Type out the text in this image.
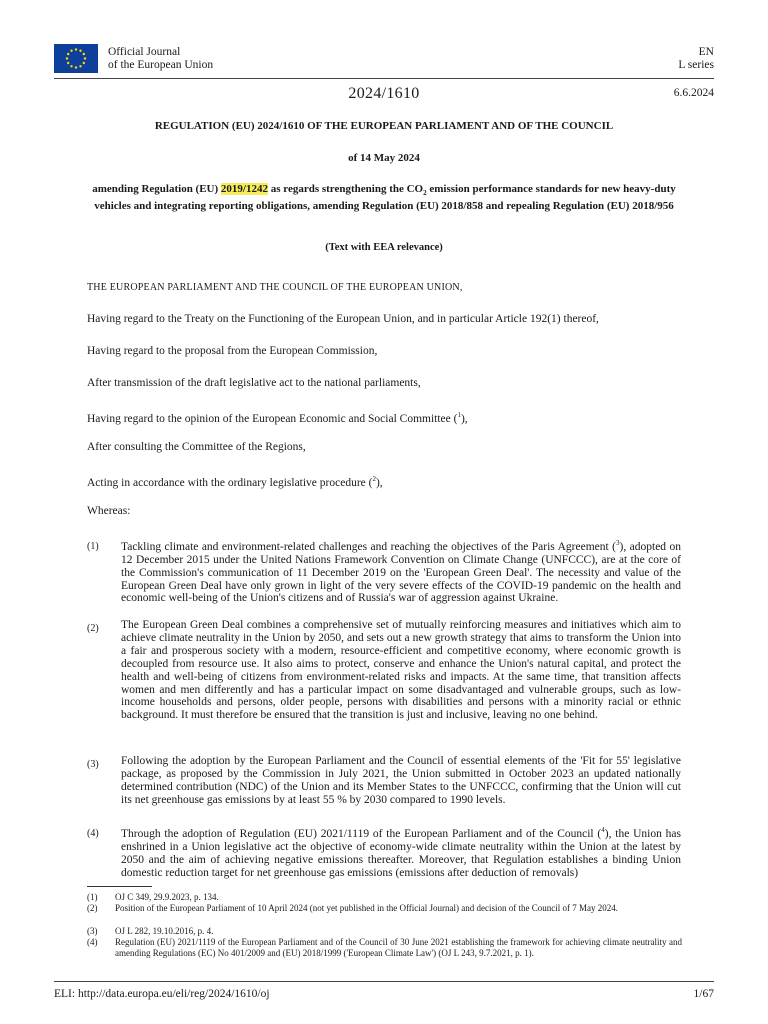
Official Journal
of the European Union
EN
L series
2024/1610	6.6.2024
REGULATION (EU) 2024/1610 OF THE EUROPEAN PARLIAMENT AND OF THE COUNCIL
of 14 May 2024
amending Regulation (EU) 2019/1242 as regards strengthening the $CO_2$ emission performance standards for new heavy-duty vehicles and integrating reporting obligations, amending Regulation (EU) 2018/858 and repealing Regulation (EU) 2018/956
(Text with EEA relevance)
THE EUROPEAN PARLIAMENT AND THE COUNCIL OF THE EUROPEAN UNION,
Having regard to the Treaty on the Functioning of the European Union, and in particular Article 192(1) thereof,
Having regard to the proposal from the European Commission,
After transmission of the draft legislative act to the national parliaments,
Having regard to the opinion of the European Economic and Social Committee ($^1$),
After consulting the Committee of the Regions,
Acting in accordance with the ordinary legislative procedure ($^2$),
Whereas:
(1) Tackling climate and environment-related challenges and reaching the objectives of the Paris Agreement ($^3$), adopted on 12 December 2015 under the United Nations Framework Convention on Climate Change (UNFCCC), are at the core of the Commission's communication of 11 December 2019 on the 'European Green Deal'. The necessity and value of the European Green Deal have only grown in light of the very severe effects of the COVID-19 pandemic on the health and economic well-being of the Union's citizens and of Russia's war of aggression against Ukraine.
(2) The European Green Deal combines a comprehensive set of mutually reinforcing measures and initiatives which aim to achieve climate neutrality in the Union by 2050, and sets out a new growth strategy that aims to transform the Union into a fair and prosperous society with a modern, resource-efficient and competitive economy, where economic growth is decoupled from resource use. It also aims to protect, conserve and enhance the Union's natural capital, and protect the health and well-being of citizens from environment-related risks and impacts. At the same time, that transition affects women and men differently and has a particular impact on some disadvantaged and vulnerable groups, such as low-income households and persons, older people, persons with disabilities and persons with a minority racial or ethnic background. It must therefore be ensured that the transition is just and inclusive, leaving no one behind.
(3) Following the adoption by the European Parliament and the Council of essential elements of the 'Fit for 55' legislative package, as proposed by the Commission in July 2021, the Union submitted in October 2023 an updated nationally determined contribution (NDC) of the Union and its Member States to the UNFCCC, confirming that the Union will cut its net greenhouse gas emissions by at least 55 % by 2030 compared to 1990 levels.
(4) Through the adoption of Regulation (EU) 2021/1119 of the European Parliament and of the Council ($^4$), the Union has enshrined in a Union legislative act the objective of economy-wide climate neutrality within the Union at the latest by 2050 and the aim of achieving negative emissions thereafter. Moreover, that Regulation establishes a binding Union domestic reduction target for net greenhouse gas emissions (emissions after deduction of removals)
(1) OJ C 349, 29.9.2023, p. 134.
(2) Position of the European Parliament of 10 April 2024 (not yet published in the Official Journal) and decision of the Council of 7 May 2024.
(3) OJ L 282, 19.10.2016, p. 4.
(4) Regulation (EU) 2021/1119 of the European Parliament and of the Council of 30 June 2021 establishing the framework for achieving climate neutrality and amending Regulations (EC) No 401/2009 and (EU) 2018/1999 ('European Climate Law') (OJ L 243, 9.7.2021, p. 1).
ELI: http://data.europa.eu/eli/reg/2024/1610/oj	1/67
